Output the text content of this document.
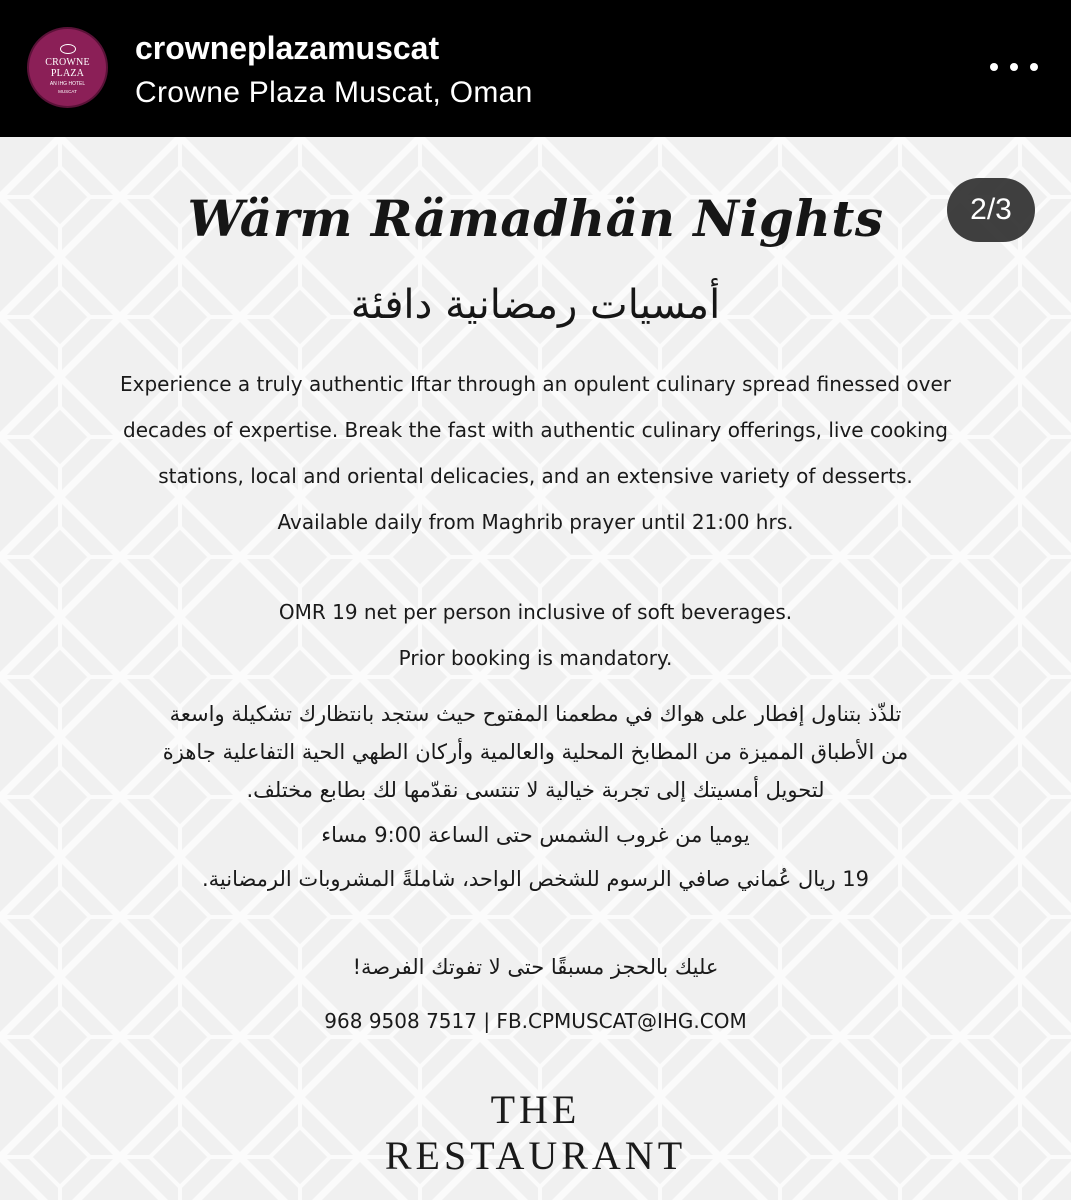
CROWNE PLAZA
AN IHG HOTEL
MUSCAT
crowneplazamuscat
Crowne Plaza Muscat, Oman
2/3
Wärm Rämadhän Nights
أمسيات رمضانية دافئة
Experience a truly authentic Iftar through an opulent culinary spread finessed over
decades of expertise. Break the fast with authentic culinary offerings, live cooking
stations, local and oriental delicacies, and an extensive variety of desserts.
Available daily from Maghrib prayer until 21:00 hrs.
OMR 19 net per person inclusive of soft beverages.
Prior booking is mandatory.
تلذّذ بتناول إفطار على هواك في مطعمنا المفتوح حيث ستجد بانتظارك تشكيلة واسعة
من الأطباق المميزة من المطابخ المحلية والعالمية وأركان الطهي الحية التفاعلية جاهزة
لتحويل أمسيتك إلى تجربة خيالية لا تنتسى نقدّمها لك بطابع مختلف.
يوميا من غروب الشمس حتى الساعة 9:00 مساء
19 ريال عُماني صافي الرسوم للشخص الواحد، شاملةً المشروبات الرمضانية.
عليك بالحجز مسبقًا حتى لا تفوتك الفرصة!
968 9508 7517 | FB.CPMUSCAT@IHG.COM
THE
RESTAURANT
